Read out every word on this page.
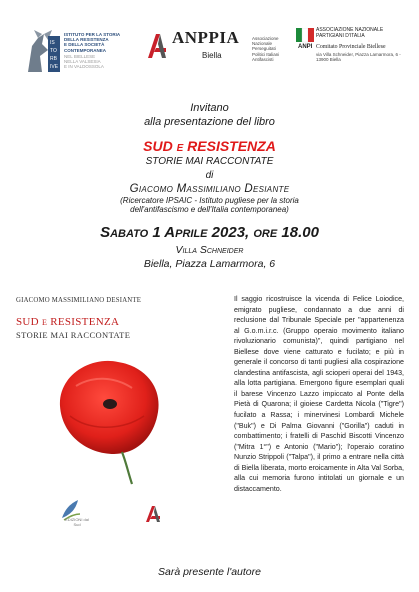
IS
TO
RB
IVE
ISTITUTO PER LA STORIA
DELLA RESISTENZA
E DELLA SOCIETÀ
CONTEMPORANEA
NEL BIELLESE
NELLA VALSESIA
E IN VALDOSSOLA
ANPPIA
Biella
Associazione
Nazionale
Perseguitati
Politici Italiani
Antifascisti
ANPI
ASSOCIAZIONE NAZIONALE
PARTIGIANI D'ITALIA
Comitato Provinciale Biellese
via Villa Schneider, Piazza Lamarmora, 6 - 13900 Biella
Invitano
alla presentazione del libro
SUD E RESISTENZA
STORIE MAI RACCONTATE
di
Giacomo Massimiliano Desiante
(Ricercatore IPSAIC - Istituto pugliese per la storia
dell'antifascismo e dell'Italia contemporanea)
Sabato 1 Aprile 2023, ore 18.00
Villa Schneider
Biella, Piazza Lamarmora, 6
GIACOMO MASSIMILIANO DESIANTE
SUD E RESISTENZA
STORIE MAI RACCONTATE
EDIZIONI dal Sud
Il saggio ricostruisce la vicenda di Felice Loiodice, emigrato pugliese, condannato a due anni di reclusione dal Tribunale Speciale per "appartenenza al G.o.m.i.r.c. (Gruppo operaio movimento italiano rivoluzionario comunista)", quindi partigiano nel Biellese dove viene catturato e fucilato; e più in generale il concorso di tanti pugliesi alla cospirazione clandestina antifascista, agli scioperi operai del 1943, alla lotta partigiana. Emergono figure esemplari quali il barese Vincenzo Lazzo impiccato al Ponte della Pietà di Quarona; il gioiese Cardetta Nicola ("Tigre") fucilato a Rassa; i minervinesi Lombardi Michele ("Buk") e Di Palma Giovanni ("Gorilla") caduti in combattimento; i fratelli di Paschid Biscotti Vincenzo ("Mitra 1°") e Antonio ("Mario"); l'operaio coratino Nunzio Strippoli ("Talpa"), il primo a entrare nella città di Biella liberata, morto eroicamente in Alta Val Sorba, alla cui memoria furono intitolati un giornale e un distaccamento.
Sarà presente l'autore
